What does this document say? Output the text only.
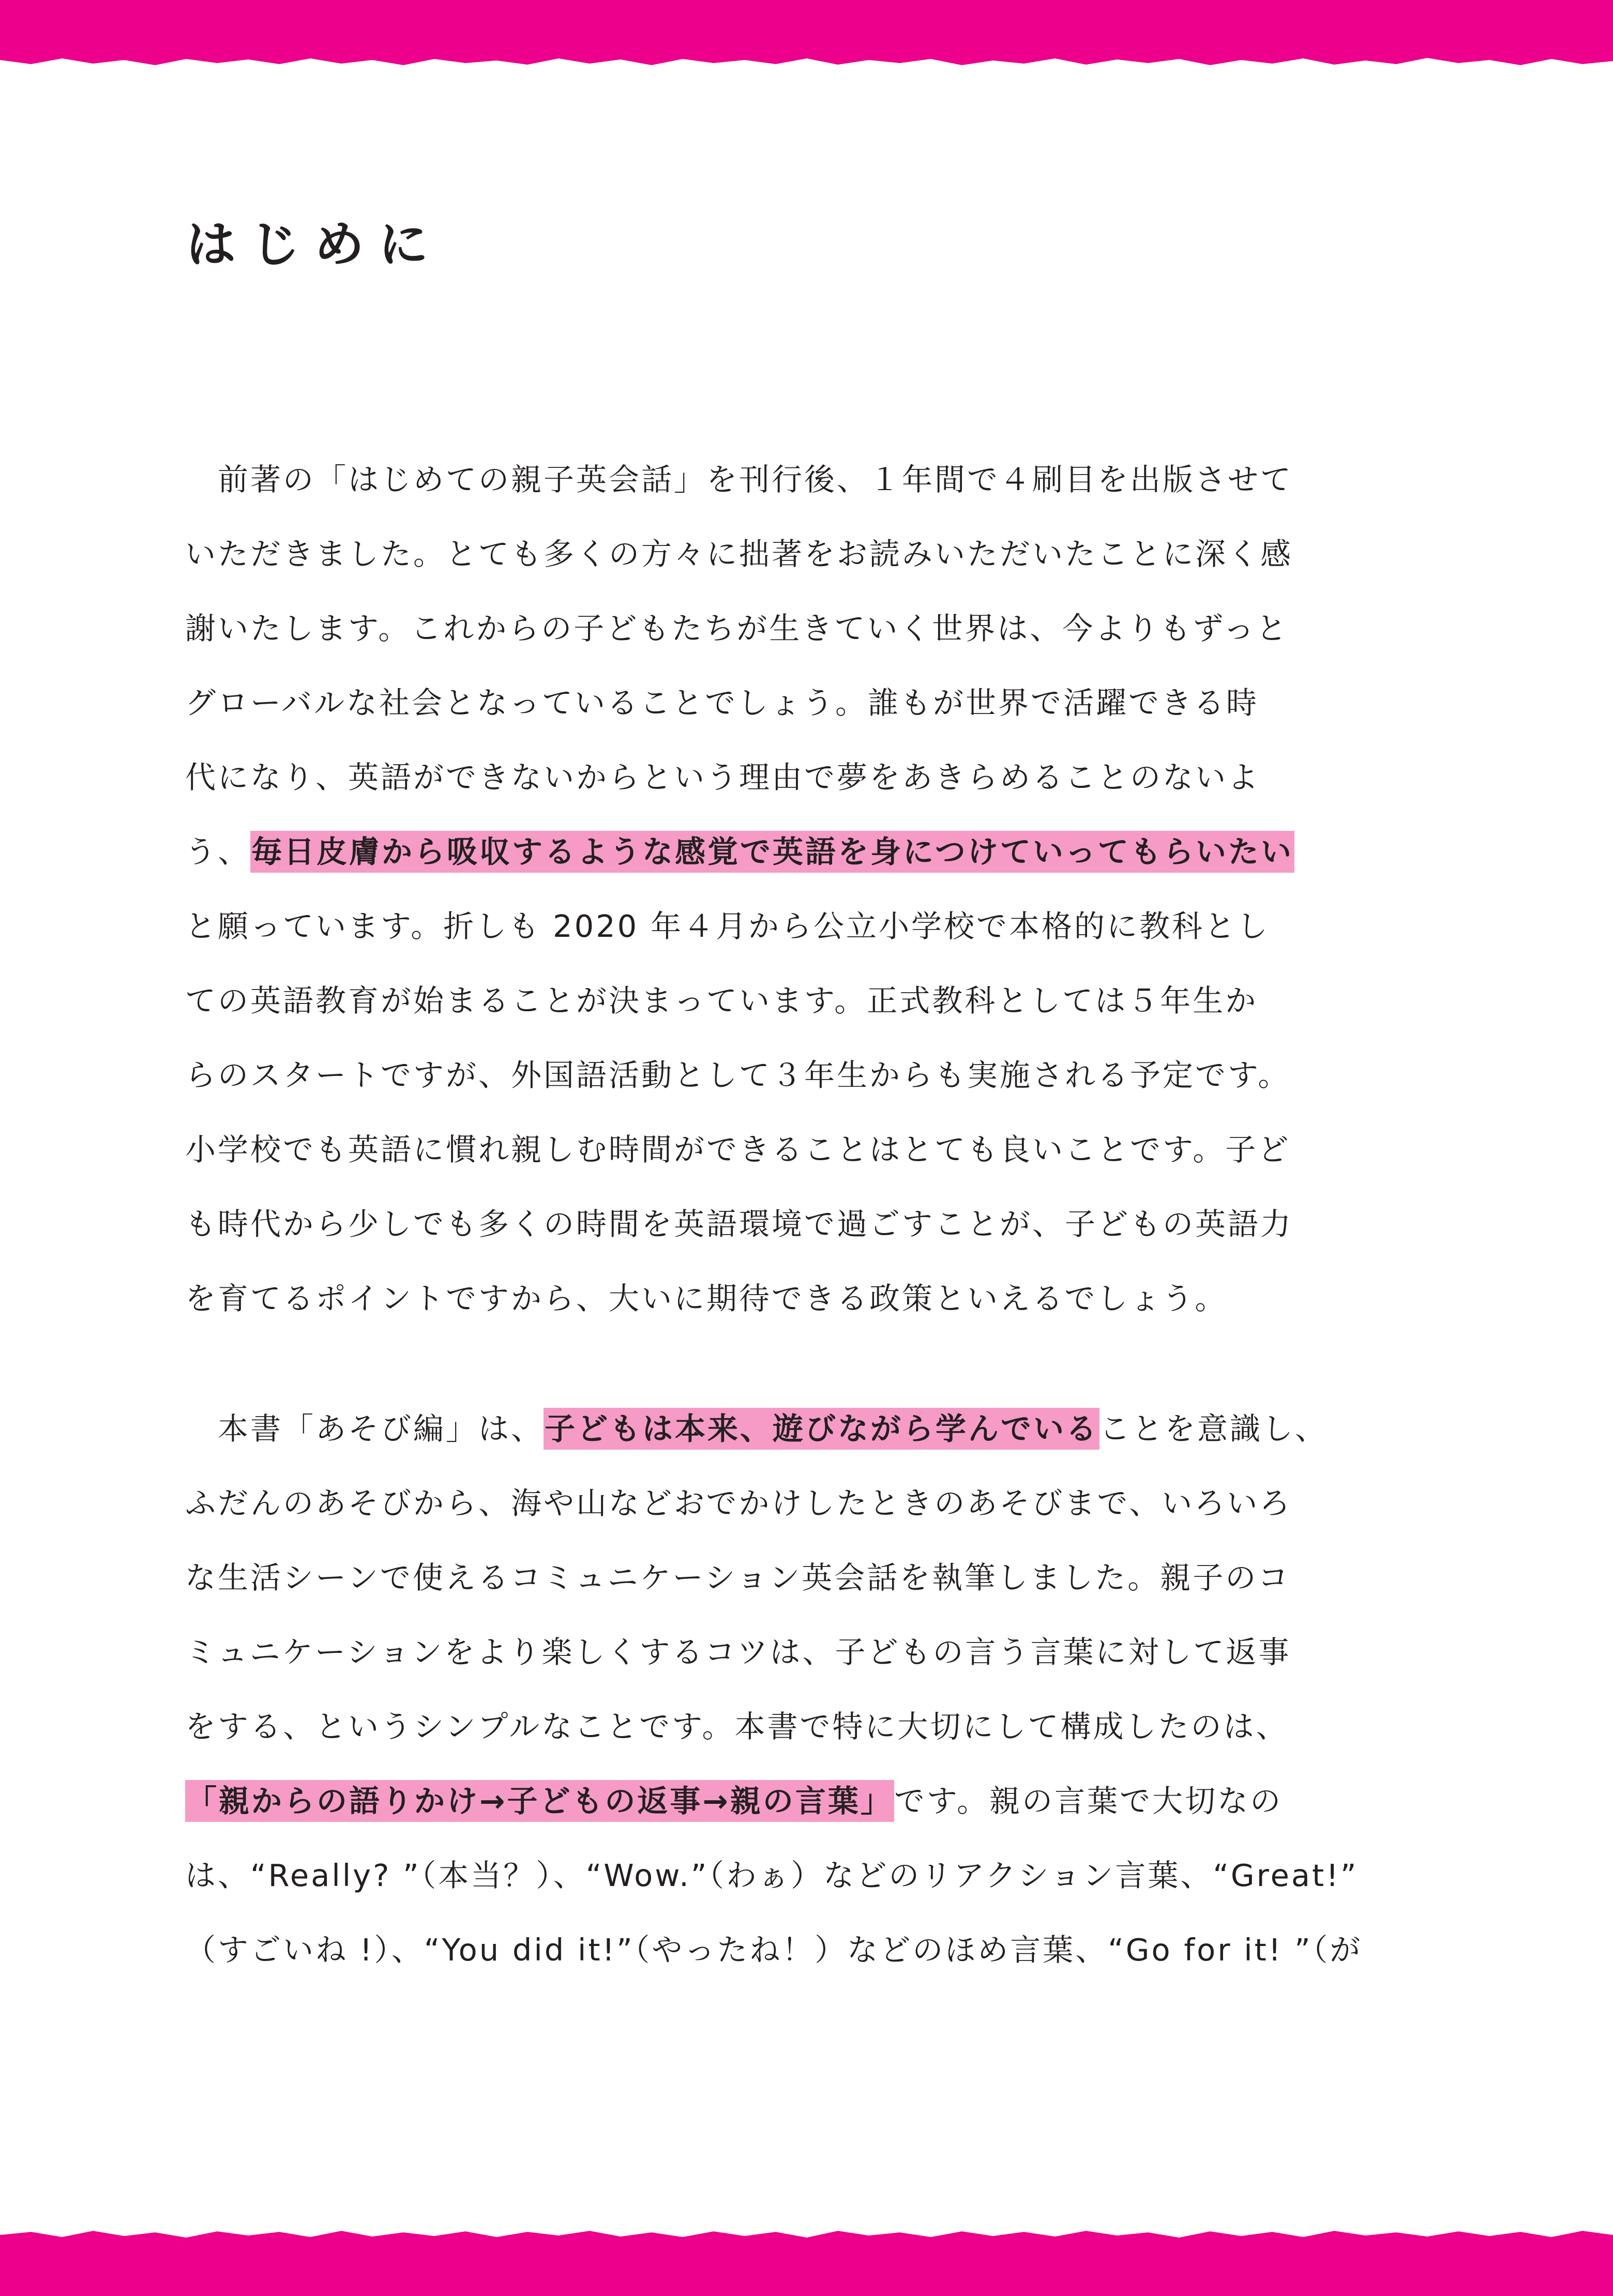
はじめに
　前著の「はじめての親子英会話」を刊行後、１年間で４刷目を出版させて
いただきました。とても多くの方々に拙著をお読みいただいたことに深く感
謝いたします。これからの子どもたちが生きていく世界は、今よりもずっと
グローバルな社会となっていることでしょう。誰もが世界で活躍できる時
代になり、英語ができないからという理由で夢をあきらめることのないよ
う、毎日皮膚から吸収するような感覚で英語を身につけていってもらいたい
と願っています。折しも 2020 年４月から公立小学校で本格的に教科とし
ての英語教育が始まることが決まっています。正式教科としては５年生か
らのスタートですが、外国語活動として３年生からも実施される予定です。
小学校でも英語に慣れ親しむ時間ができることはとても良いことです。子ど
も時代から少しでも多くの時間を英語環境で過ごすことが、子どもの英語力
を育てるポイントですから、大いに期待できる政策といえるでしょう。
　本書「あそび編」は、子どもは本来、遊びながら学んでいることを意識し、
ふだんのあそびから、海や山などおでかけしたときのあそびまで、いろいろ
な生活シーンで使えるコミュニケーション英会話を執筆しました。親子のコ
ミュニケーションをより楽しくするコツは、子どもの言う言葉に対して返事
をする、というシンプルなことです。本書で特に大切にして構成したのは、
「親からの語りかけ→子どもの返事→親の言葉」です。親の言葉で大切なの
は、“Really? ”（本当？）、“Wow.”（わぁ）などのリアクション言葉、“Great!”
（すごいね !）、“You did it!”（やったね！）などのほめ言葉、“Go for it! ”（が
